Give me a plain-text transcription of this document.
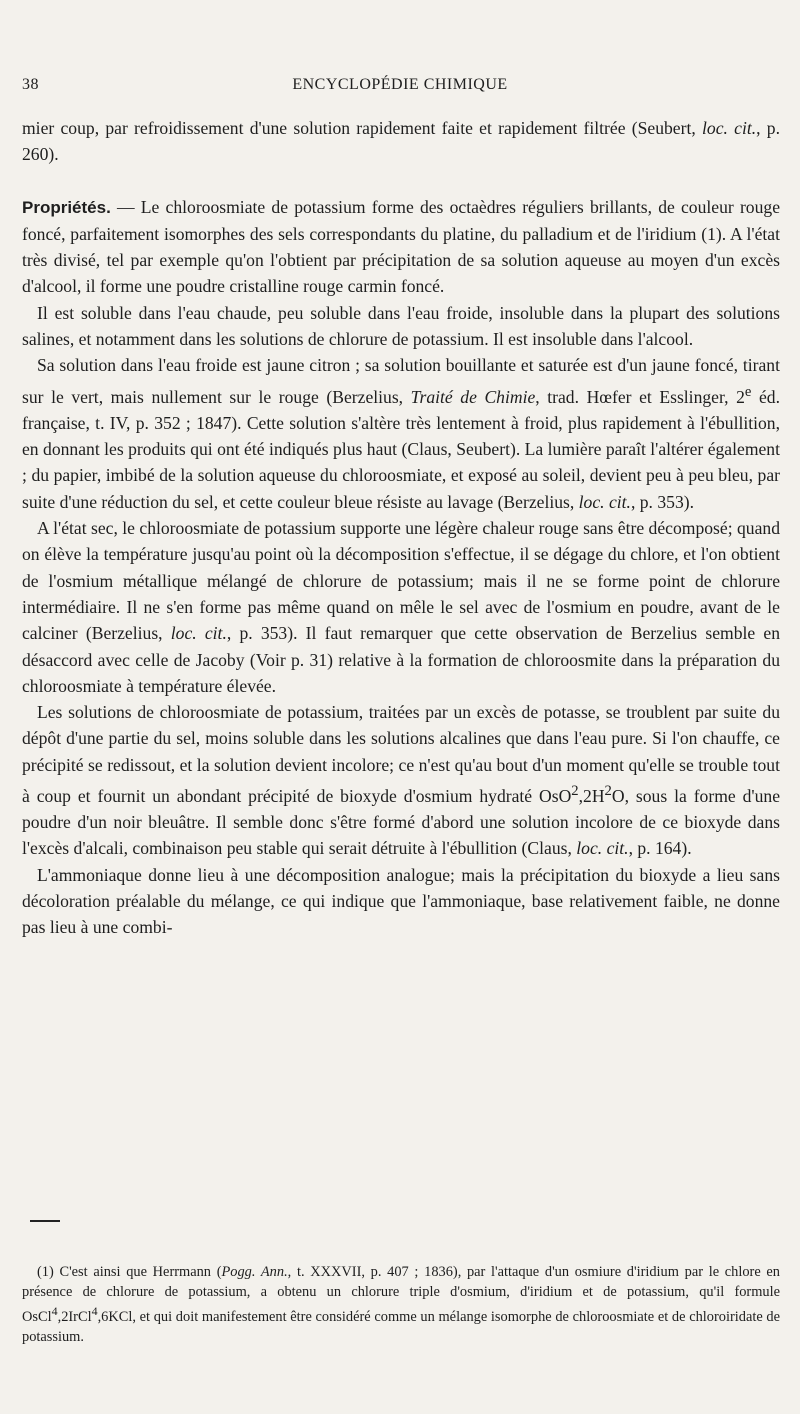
38	ENCYCLOPÉDIE CHIMIQUE

mier coup, par refroidissement d'une solution rapidement faite et rapidement filtrée (Seubert, loc. cit., p. 260).

Propriétés. — Le chloroosmiate de potassium forme des octaèdres réguliers brillants, de couleur rouge foncé, parfaitement isomorphes des sels correspondants du platine, du palladium et de l'iridium (1). A l'état très divisé, tel par exemple qu'on l'obtient par précipitation de sa solution aqueuse au moyen d'un excès d'alcool, il forme une poudre cristalline rouge carmin foncé.

Il est soluble dans l'eau chaude, peu soluble dans l'eau froide, insoluble dans la plupart des solutions salines, et notamment dans les solutions de chlorure de potassium. Il est insoluble dans l'alcool.

Sa solution dans l'eau froide est jaune citron ; sa solution bouillante et saturée est d'un jaune foncé, tirant sur le vert, mais nullement sur le rouge (Berzelius, Traité de Chimie, trad. Hœfer et Esslinger, 2e éd. française, t. IV, p. 352 ; 1847). Cette solution s'altère très lentement à froid, plus rapidement à l'ébullition, en donnant les produits qui ont été indiqués plus haut (Claus, Seubert). La lumière paraît l'altérer également ; du papier, imbibé de la solution aqueuse du chloroosmiate, et exposé au soleil, devient peu à peu bleu, par suite d'une réduction du sel, et cette couleur bleue résiste au lavage (Berzelius, loc. cit., p. 353).

A l'état sec, le chloroosmiate de potassium supporte une légère chaleur rouge sans être décomposé; quand on élève la température jusqu'au point où la décomposition s'effectue, il se dégage du chlore, et l'on obtient de l'osmium métallique mélangé de chlorure de potassium; mais il ne se forme point de chlorure intermédiaire. Il ne s'en forme pas même quand on mêle le sel avec de l'osmium en poudre, avant de le calciner (Berzelius, loc. cit., p. 353). Il faut remarquer que cette observation de Berzelius semble en désaccord avec celle de Jacoby (Voir p. 31) relative à la formation de chloroosmite dans la préparation du chloroosmiate à température élevée.

Les solutions de chloroosmiate de potassium, traitées par un excès de potasse, se troublent par suite du dépôt d'une partie du sel, moins soluble dans les solutions alcalines que dans l'eau pure. Si l'on chauffe, ce précipité se redissout, et la solution devient incolore; ce n'est qu'au bout d'un moment qu'elle se trouble tout à coup et fournit un abondant précipité de bioxyde d'osmium hydraté $OsO^2,2H^2O$, sous la forme d'une poudre d'un noir bleuâtre. Il semble donc s'être formé d'abord une solution incolore de ce bioxyde dans l'excès d'alcali, combinaison peu stable qui serait détruite à l'ébullition (Claus, loc. cit., p. 164).

L'ammoniaque donne lieu à une décomposition analogue; mais la précipitation du bioxyde a lieu sans décoloration préalable du mélange, ce qui indique que l'ammoniaque, base relativement faible, ne donne pas lieu à une combi-

(1) C'est ainsi que Herrmann (Pogg. Ann., t. XXXVII, p. 407 ; 1836), par l'attaque d'un osmiure d'iridium par le chlore en présence de chlorure de potassium, a obtenu un chlorure triple d'osmium, d'iridium et de potassium, qu'il formule OsCl$^4$,2IrCl$^4$,6KCl, et qui doit manifestement être considéré comme un mélange isomorphe de chloroosmiate et de chloroiridate de potassium.
